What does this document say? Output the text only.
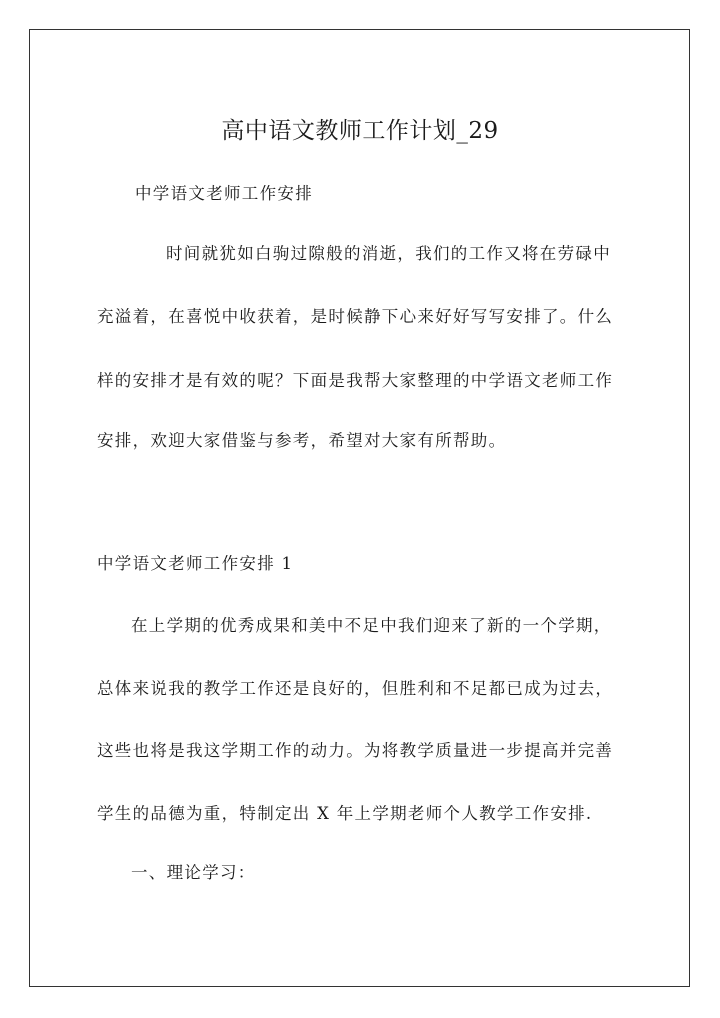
高中语文教师工作计划_29
中学语文老师工作安排
时间就犹如白驹过隙般的消逝，我们的工作又将在劳碌中
充溢着，在喜悦中收获着，是时候静下心来好好写写安排了。什么
样的安排才是有效的呢？下面是我帮大家整理的中学语文老师工作
安排，欢迎大家借鉴与参考，希望对大家有所帮助。
中学语文老师工作安排 1
在上学期的优秀成果和美中不足中我们迎来了新的一个学期，
总体来说我的教学工作还是良好的，但胜利和不足都已成为过去，
这些也将是我这学期工作的动力。为将教学质量进一步提高并完善
学生的品德为重，特制定出 X 年上学期老师个人教学工作安排.
一、理论学习：
